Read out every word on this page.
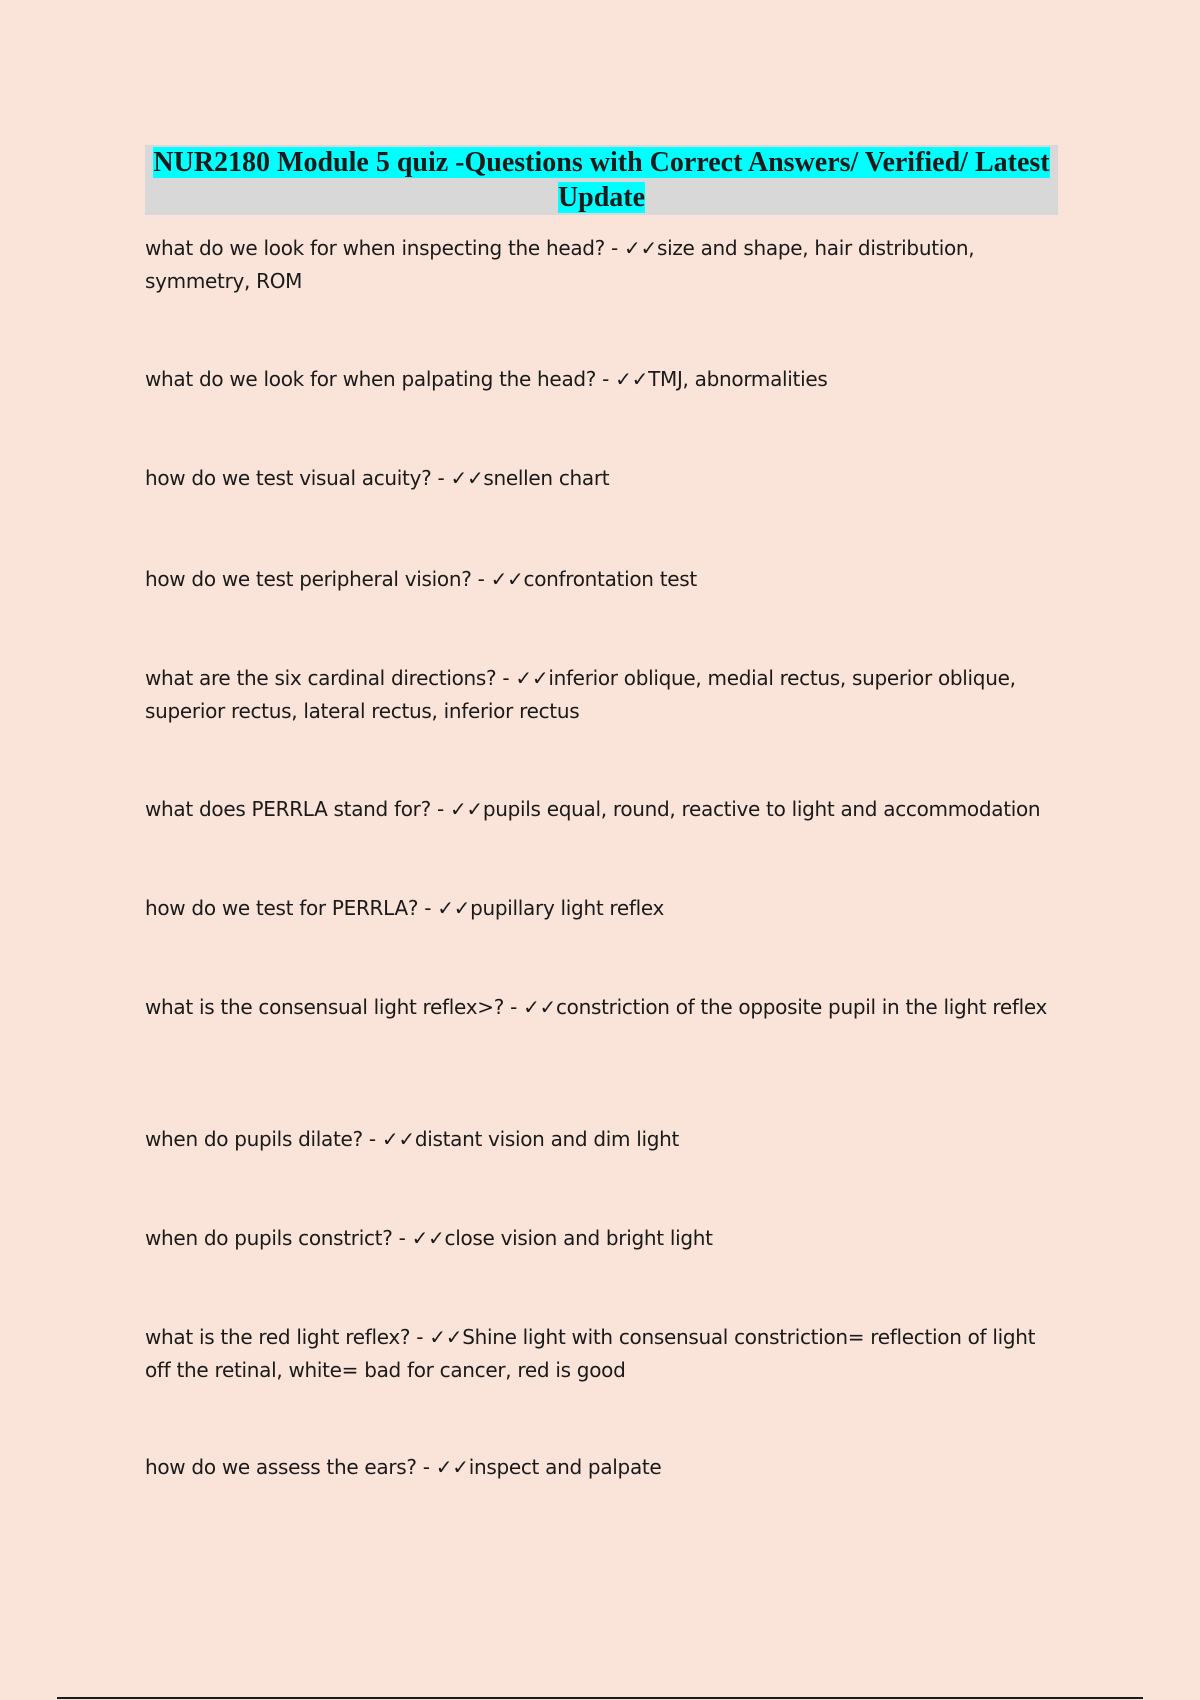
NUR2180 Module 5 quiz -Questions with Correct Answers/ Verified/ Latest Update
what do we look for when inspecting the head? - ✓✓size and shape, hair distribution, symmetry, ROM
what do we look for when palpating the head? - ✓✓TMJ, abnormalities
how do we test visual acuity? - ✓✓snellen chart
how do we test peripheral vision? - ✓✓confrontation test
what are the six cardinal directions? - ✓✓inferior oblique, medial rectus, superior oblique, superior rectus, lateral rectus, inferior rectus
what does PERRLA stand for? - ✓✓pupils equal, round, reactive to light and accommodation
how do we test for PERRLA? - ✓✓pupillary light reflex
what is the consensual light reflex>? - ✓✓constriction of the opposite pupil in the light reflex
when do pupils dilate? - ✓✓distant vision and dim light
when do pupils constrict? - ✓✓close vision and bright light
what is the red light reflex? - ✓✓Shine light with consensual constriction= reflection of light off the retinal, white= bad for cancer, red is good
how do we assess the ears? - ✓✓inspect and palpate
